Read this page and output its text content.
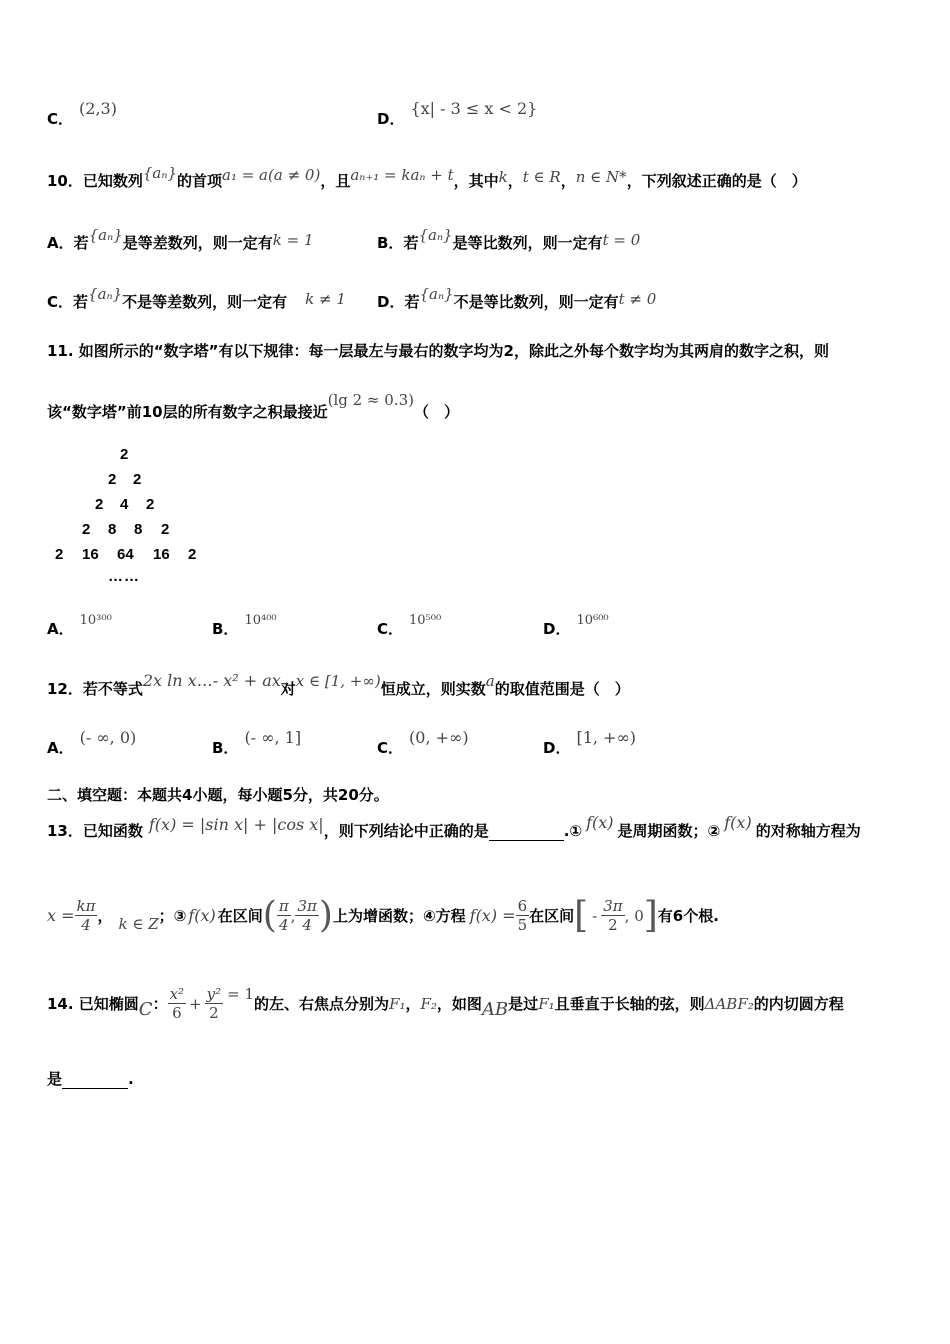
C．(2,3)
D．{x| - 3 ≤ x < 2}
10．已知数列{aₙ}的首项a₁ = a(a ≠ 0)，且aₙ₊₁ = kaₙ + t，其中k，t ∈ R，n ∈ N*，下列叙述正确的是（　）
A．若{aₙ}是等差数列，则一定有k = 1	B．若{aₙ}是等比数列，则一定有t = 0
C．若{aₙ}不是等差数列，则一定有 k ≠ 1 D．若{aₙ}不是等比数列，则一定有t ≠ 0
11. 如图所示的“数字塔”有以下规律：每一层最左与最右的数字均为2，除此之外每个数字均为其两肩的数字之积，则
该“数字塔”前10层的所有数字之积最接近(lg 2 ≈ 0.3)（　）
2
2 2
2 4 2
2 8 8 2
2 16 64 16 2
……
A． 10³⁰⁰	B． 10⁴⁰⁰	C． 10⁵⁰⁰	D． 10⁶⁰⁰
12．若不等式2x ln x…- x² + ax对x ∈ [1, +∞)恒成立，则实数a的取值范围是（　）
A．(- ∞, 0)
B．(- ∞, 1]
C．(0, +∞)
D．[1, +∞)
二、填空题：本题共4小题，每小题5分，共20分。
13．已知函数 f(x) = |sin x| + |cos x|，则下列结论中正确的是	.① f(x) 是周期函数；② f(x) 的对称轴方程为
$x = \frac{k\pi}{4}$ ， k ∈ Z ；③ f(x) 在区间 ( $\frac{\pi}{4}$ , $\frac{3\pi}{4}$ ) 上为增函数；④方程 $f(x) = \frac{6}{5}$ 在区间 [ - $\frac{3\pi}{2}$ , 0 ] 有6个根.
14. 已知椭圆 C ： $\frac{\text{x²}}{6} + \frac{\text{y²}}{2} = 1$
的左、右焦点分别为 F₁ ， F₂ ，如图 AB 是过 F₁ 且垂直于长轴的弦，则 ΔABF₂ 的内切圆方程
是	.
